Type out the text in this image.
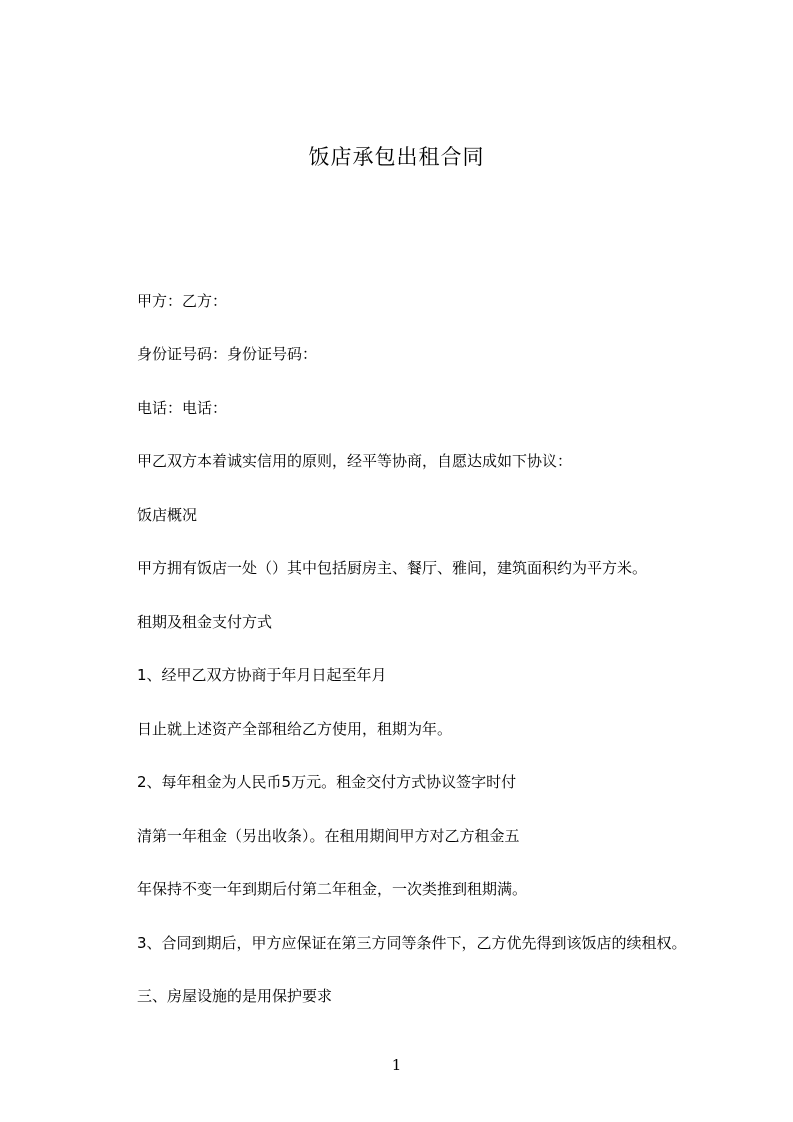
饭店承包出租合同

甲方：乙方：

身份证号码：身份证号码：

电话：电话：

甲乙双方本着诚实信用的原则，经平等协商，自愿达成如下协议：

饭店概况

甲方拥有饭店一处（）其中包括厨房主、餐厅、雅间，建筑面积约为平方米。

租期及租金支付方式

1、经甲乙双方协商于年月日起至年月

日止就上述资产全部租给乙方使用，租期为年。

2、每年租金为人民币5万元。租金交付方式协议签字时付

清第一年租金（另出收条）。在租用期间甲方对乙方租金五

年保持不变一年到期后付第二年租金，一次类推到租期满。

3、合同到期后，甲方应保证在第三方同等条件下，乙方优先得到该饭店的续租权。

三、房屋设施的是用保护要求

1
